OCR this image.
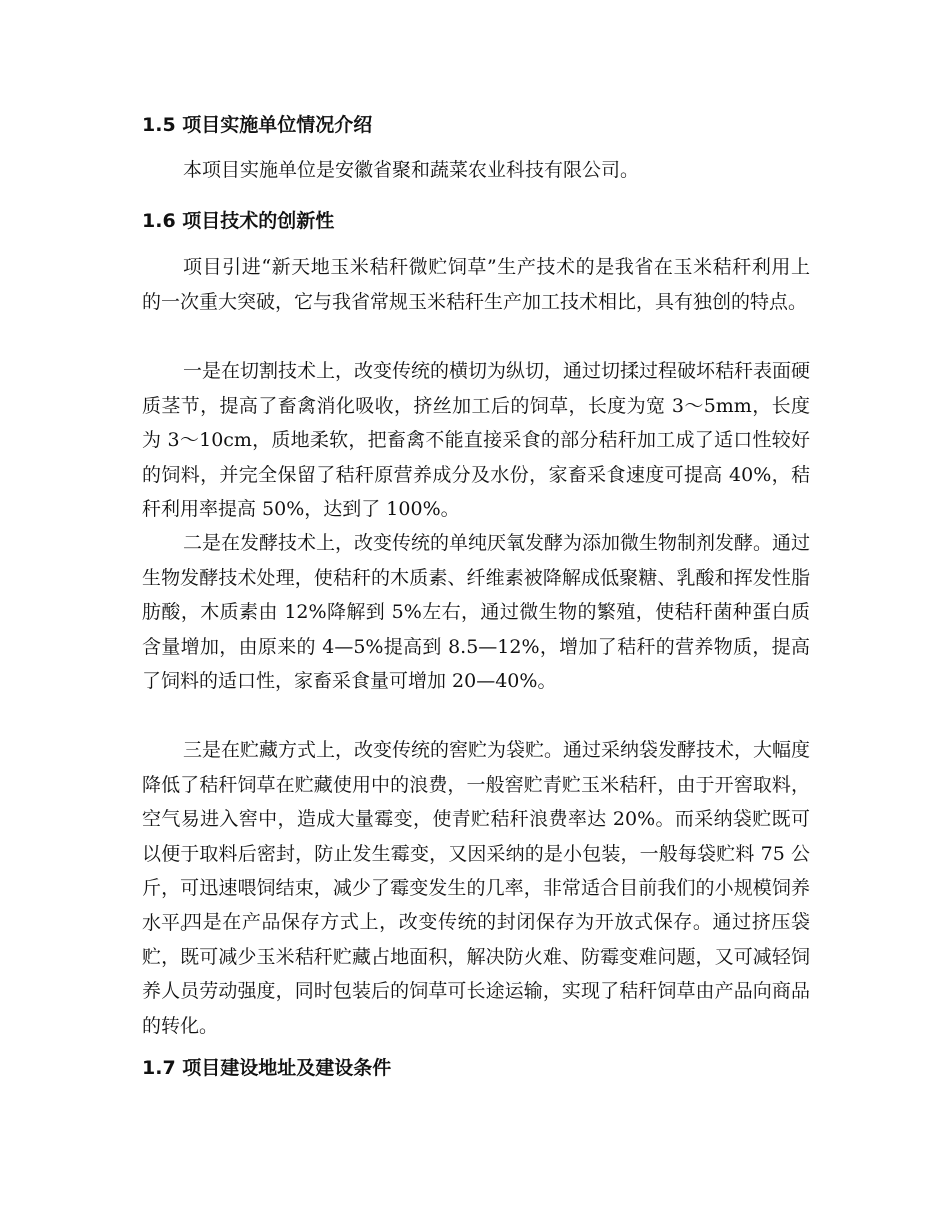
1.5 项目实施单位情况介绍

本项目实施单位是安徽省聚和蔬菜农业科技有限公司。

1.6 项目技术的创新性

项目引进“新天地玉米秸秆微贮饲草”生产技术的是我省在玉米秸秆利用上的一次重大突破，它与我省常规玉米秸秆生产加工技术相比，具有独创的特点。

一是在切割技术上，改变传统的横切为纵切，通过切揉过程破坏秸秆表面硬质茎节，提高了畜禽消化吸收，挤丝加工后的饲草，长度为宽 3～5mm，长度为 3～10cm，质地柔软，把畜禽不能直接采食的部分秸秆加工成了适口性较好的饲料，并完全保留了秸秆原营养成分及水份，家畜采食速度可提高 40%，秸秆利用率提高 50%，达到了 100%。

二是在发酵技术上，改变传统的单纯厌氧发酵为添加微生物制剂发酵。通过生物发酵技术处理，使秸秆的木质素、纤维素被降解成低聚糖、乳酸和挥发性脂肪酸，木质素由 12%降解到 5%左右，通过微生物的繁殖，使秸秆菌种蛋白质含量增加，由原来的 4—5%提高到 8.5—12%，增加了秸秆的营养物质，提高了饲料的适口性，家畜采食量可增加 20—40%。

三是在贮藏方式上，改变传统的窖贮为袋贮。通过采纳袋发酵技术，大幅度降低了秸秆饲草在贮藏使用中的浪费，一般窖贮青贮玉米秸秆，由于开窖取料，空气易进入窖中，造成大量霉变，使青贮秸秆浪费率达 20%。而采纳袋贮既可以便于取料后密封，防止发生霉变，又因采纳的是小包装，一般每袋贮料 75 公斤，可迅速喂饲结束，减少了霉变发生的几率，非常适合目前我们的小规模饲养水平。

四是在产品保存方式上，改变传统的封闭保存为开放式保存。通过挤压袋贮，既可减少玉米秸秆贮藏占地面积，解决防火难、防霉变难问题，又可减轻饲养人员劳动强度，同时包装后的饲草可长途运输，实现了秸秆饲草由产品向商品的转化。

1.7 项目建设地址及建设条件
